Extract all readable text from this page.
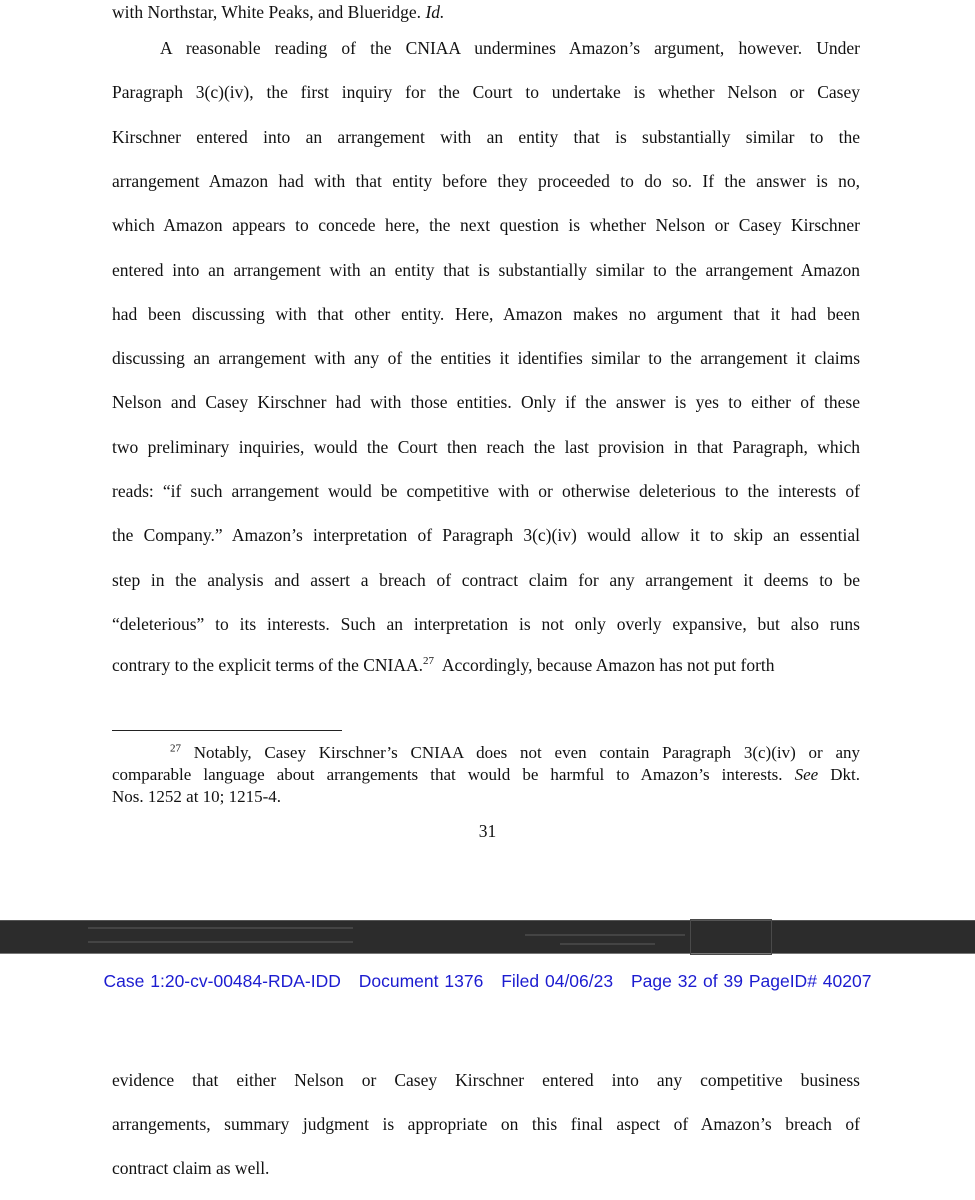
with Northstar, White Peaks, and Blueridge. Id.
A reasonable reading of the CNIAA undermines Amazon’s argument, however. Under
Paragraph 3(c)(iv), the first inquiry for the Court to undertake is whether Nelson or Casey
Kirschner entered into an arrangement with an entity that is substantially similar to the
arrangement Amazon had with that entity before they proceeded to do so. If the answer is no,
which Amazon appears to concede here, the next question is whether Nelson or Casey Kirschner
entered into an arrangement with an entity that is substantially similar to the arrangement Amazon
had been discussing with that other entity. Here, Amazon makes no argument that it had been
discussing an arrangement with any of the entities it identifies similar to the arrangement it claims
Nelson and Casey Kirschner had with those entities. Only if the answer is yes to either of these
two preliminary inquiries, would the Court then reach the last provision in that Paragraph, which
reads: “if such arrangement would be competitive with or otherwise deleterious to the interests of
the Company.” Amazon’s interpretation of Paragraph 3(c)(iv) would allow it to skip an essential
step in the analysis and assert a breach of contract claim for any arrangement it deems to be
“deleterious” to its interests. Such an interpretation is not only overly expansive, but also runs
contrary to the explicit terms of the CNIAA.$^{27}$  Accordingly, because Amazon has not put forth
$^{27}$ Notably, Casey Kirschner’s CNIAA does not even contain Paragraph 3(c)(iv) or any
comparable language about arrangements that would be harmful to Amazon’s interests. See Dkt.
Nos. 1252 at 10; 1215-4.
31
Case 1:20-cv-00484-RDA-IDD Document 1376 Filed 04/06/23 Page 32 of 39 PageID# 40207
evidence that either Nelson or Casey Kirschner entered into any competitive business
arrangements, summary judgment is appropriate on this final aspect of Amazon’s breach of
contract claim as well.
